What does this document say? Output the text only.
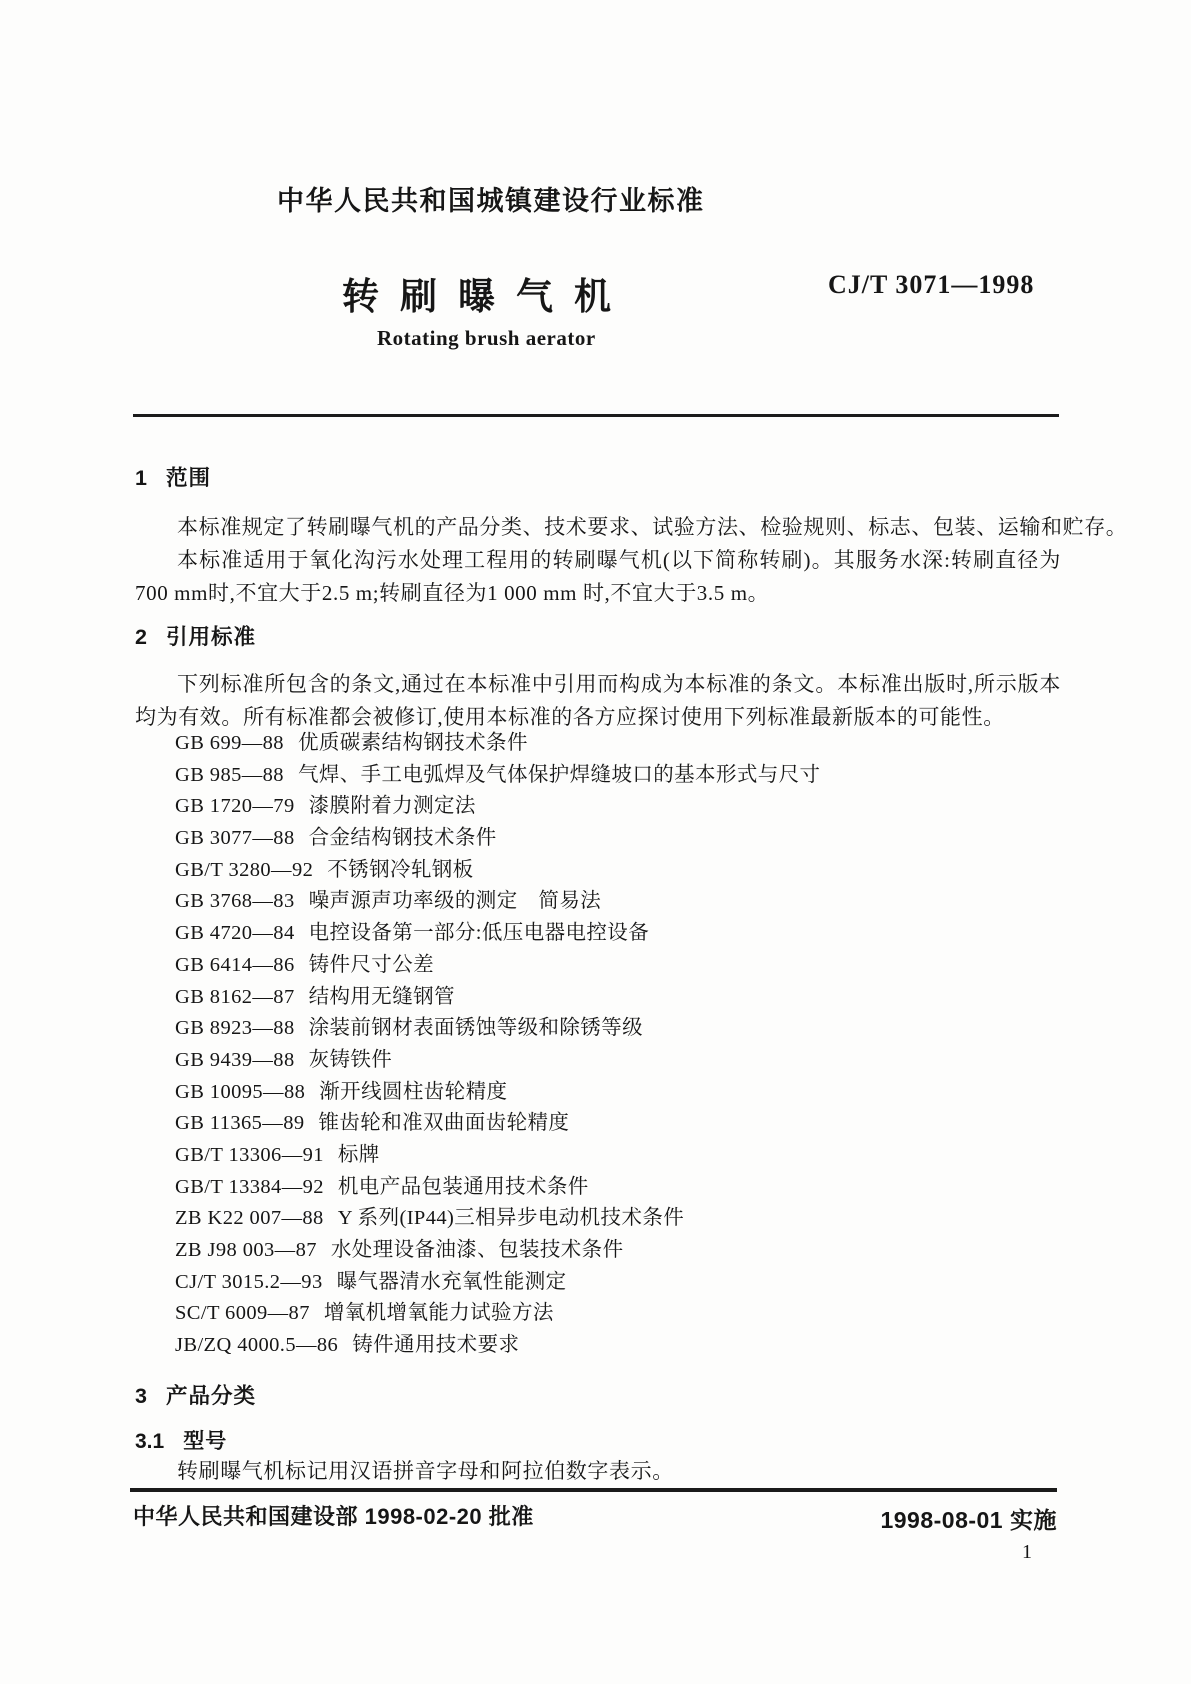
中华人民共和国城镇建设行业标准
转刷曝气机	CJ/T 3071—1998
Rotating brush aerator
1 范围
本标准规定了转刷曝气机的产品分类、技术要求、试验方法、检验规则、标志、包装、运输和贮存。
本标准适用于氧化沟污水处理工程用的转刷曝气机(以下简称转刷)。其服务水深:转刷直径为700 mm时,不宜大于2.5 m;转刷直径为1 000 mm 时,不宜大于3.5 m。
2 引用标准
下列标准所包含的条文,通过在本标准中引用而构成为本标准的条文。本标准出版时,所示版本均为有效。所有标准都会被修订,使用本标准的各方应探讨使用下列标准最新版本的可能性。
GB 699—88 优质碳素结构钢技术条件
GB 985—88 气焊、手工电弧焊及气体保护焊缝坡口的基本形式与尺寸
GB 1720—79 漆膜附着力测定法
GB 3077—88 合金结构钢技术条件
GB/T 3280—92 不锈钢冷轧钢板
GB 3768—83 噪声源声功率级的测定　简易法
GB 4720—84 电控设备第一部分:低压电器电控设备
GB 6414—86 铸件尺寸公差
GB 8162—87 结构用无缝钢管
GB 8923—88 涂装前钢材表面锈蚀等级和除锈等级
GB 9439—88 灰铸铁件
GB 10095—88 渐开线圆柱齿轮精度
GB 11365—89 锥齿轮和准双曲面齿轮精度
GB/T 13306—91 标牌
GB/T 13384—92 机电产品包装通用技术条件
ZB K22 007—88 Y 系列(IP44)三相异步电动机技术条件
ZB J98 003—87 水处理设备油漆、包装技术条件
CJ/T 3015.2—93 曝气器清水充氧性能测定
SC/T 6009—87 增氧机增氧能力试验方法
JB/ZQ 4000.5—86 铸件通用技术要求
3 产品分类
3.1 型号
转刷曝气机标记用汉语拼音字母和阿拉伯数字表示。
中华人民共和国建设部 1998-02-20 批准	1998-08-01 实施
1
